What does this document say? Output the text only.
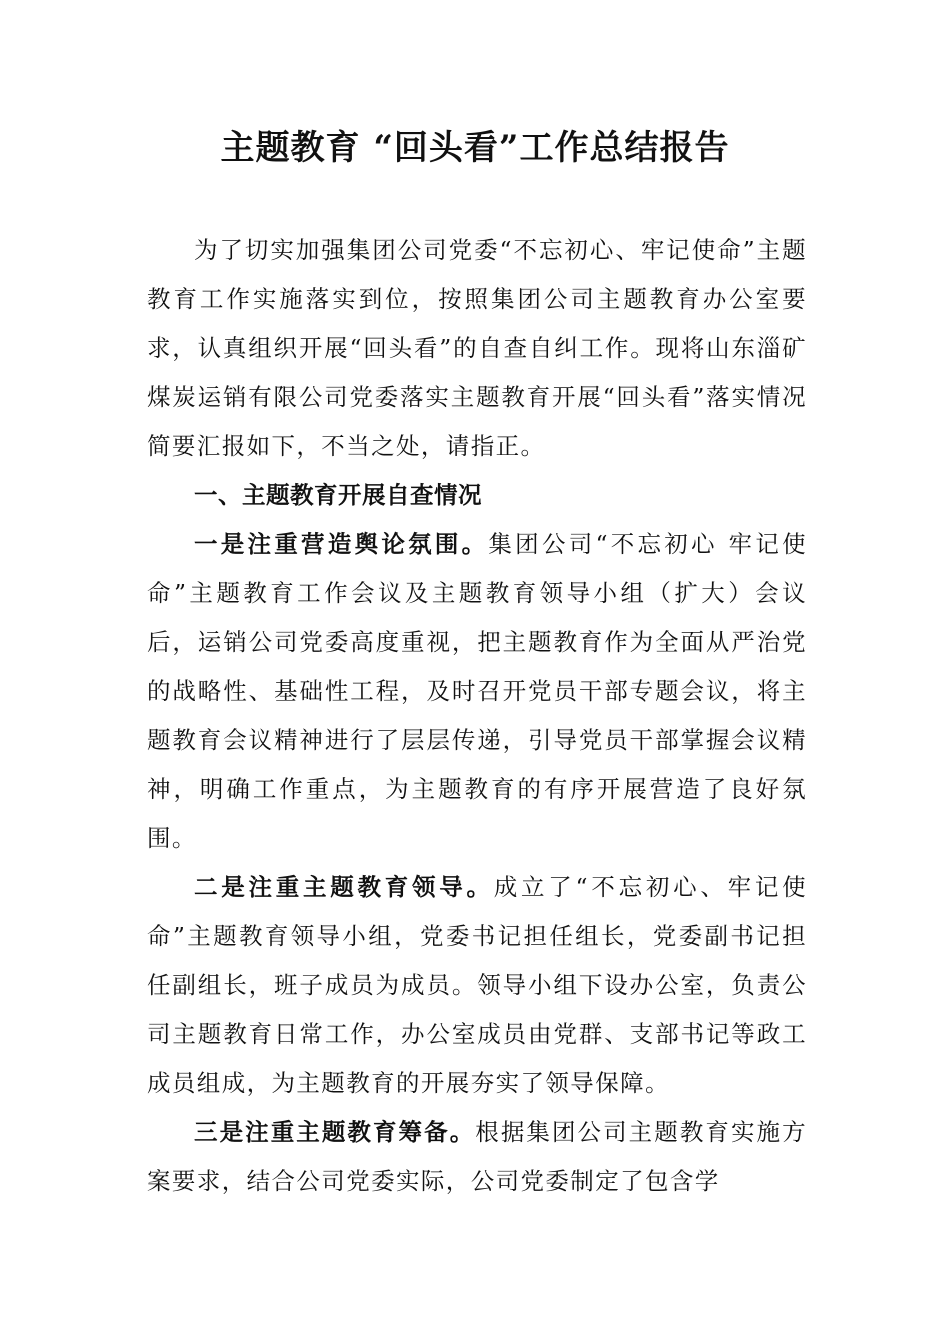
主题教育 “回头看”工作总结报告

为了切实加强集团公司党委“不忘初心、牢记使命”主题教育工作实施落实到位，按照集团公司主题教育办公室要求，认真组织开展“回头看”的自查自纠工作。现将山东淄矿煤炭运销有限公司党委落实主题教育开展“回头看”落实情况简要汇报如下，不当之处，请指正。

一、主题教育开展自查情况

一是注重营造舆论氛围。集团公司“不忘初心 牢记使命”主题教育工作会议及主题教育领导小组（扩大）会议后，运销公司党委高度重视，把主题教育作为全面从严治党的战略性、基础性工程，及时召开党员干部专题会议，将主题教育会议精神进行了层层传递，引导党员干部掌握会议精神，明确工作重点，为主题教育的有序开展营造了良好氛围。

二是注重主题教育领导。成立了“不忘初心、牢记使命”主题教育领导小组，党委书记担任组长，党委副书记担任副组长，班子成员为成员。领导小组下设办公室，负责公司主题教育日常工作，办公室成员由党群、支部书记等政工成员组成，为主题教育的开展夯实了领导保障。

三是注重主题教育筹备。根据集团公司主题教育实施方案要求，结合公司党委实际，公司党委制定了包含学
